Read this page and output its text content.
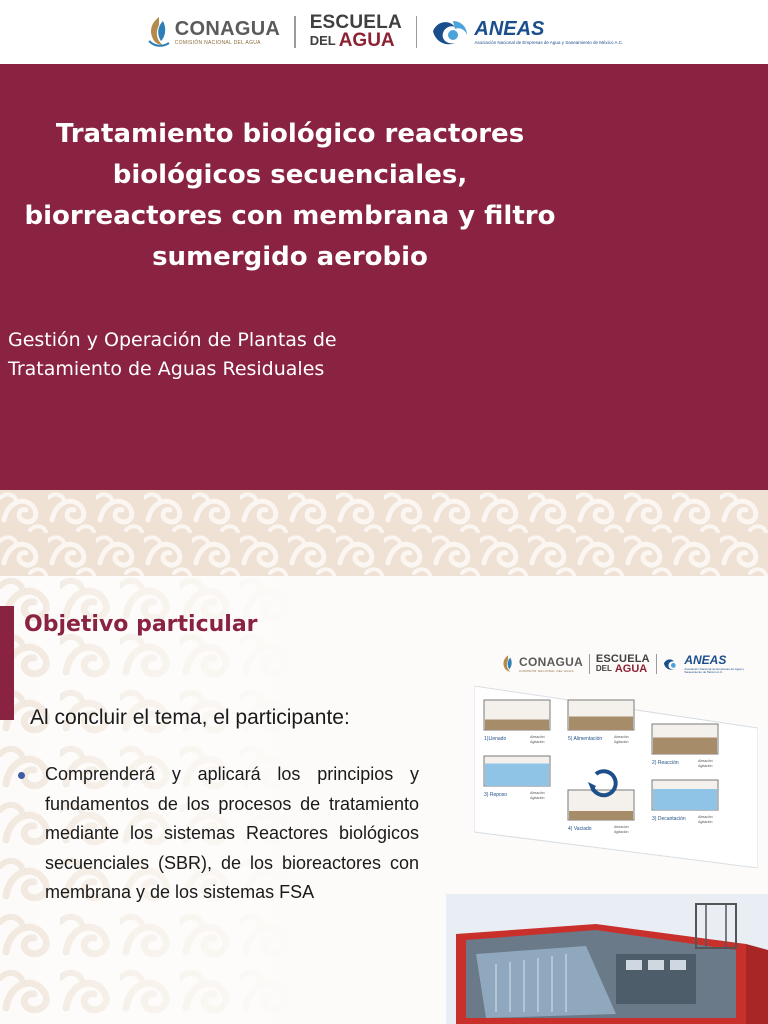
CONAGUA
COMISIÓN NACIONAL DEL AGUA
ESCUELA
DEL AGUA
ANEAS
Asociación Nacional de Empresas de Agua y Saneamiento de México A.C.
Tratamiento biológico reactores biológicos secuenciales, biorreactores con membrana y filtro sumergido aerobio
Gestión y Operación de Plantas de
Tratamiento de Aguas Residuales
Objetivo particular
CONAGUA
COMISIÓN NACIONAL DEL AGUA
ESCUELA
DEL AGUA
ANEAS
Asociación Nacional de Empresas de Agua y Saneamiento de México A.C.

Al concluir el tema, el participante:

Comprenderá y aplicará los principios y fundamentos de los procesos de tratamiento mediante los sistemas Reactores biológicos secuenciales (SBR), de los bioreactores con membrana y de los sistemas FSA

1)Llenado	Aireación
Agitación	5) Alimentación	Aireación
Agitación
2) Reacción	Aireación
Agitación
3) Reposo	Aireación
Agitación
4) Vaciado	Aireación
Agitación
3) Decantación	Aireación
Agitación
